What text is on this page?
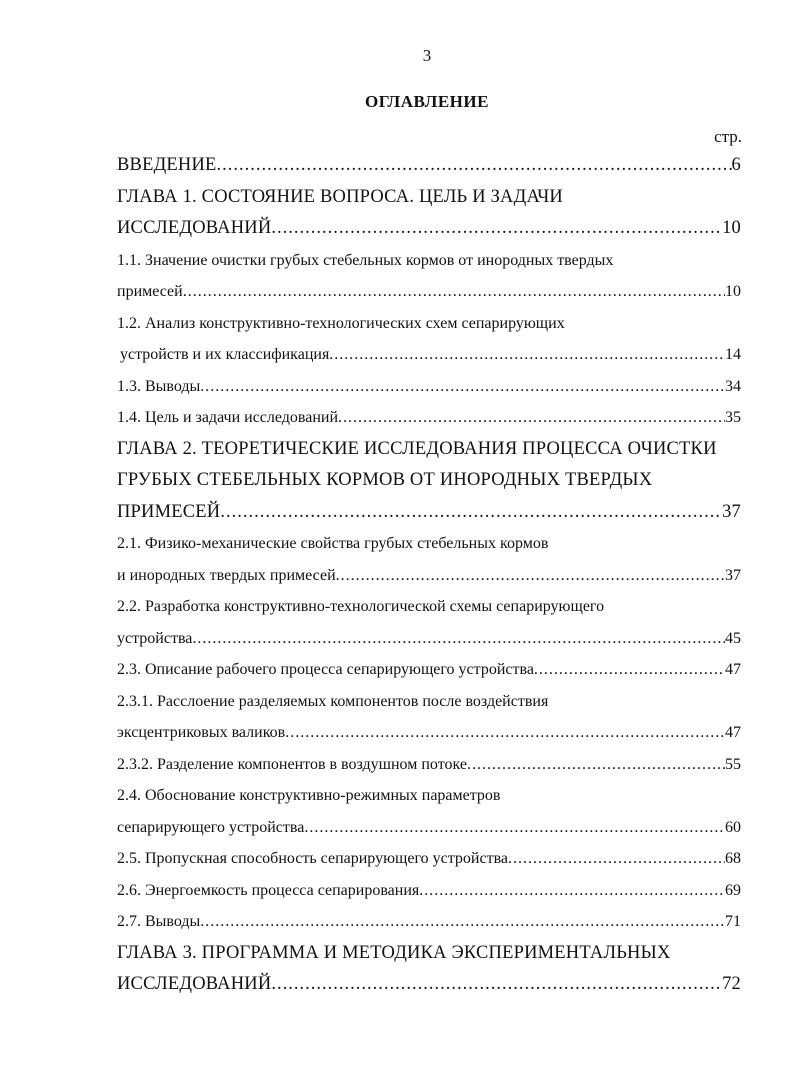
3
ОГЛАВЛЕНИЕ
стр.
ВВЕДЕНИЕ .....	6
ГЛАВА 1. СОСТОЯНИЕ ВОПРОСА. ЦЕЛЬ И ЗАДАЧИ
ИССЛЕДОВАНИЙ .....	10
1.1. Значение очистки грубых стебельных кормов от инородных твердых
примесей .....	10
1.2. Анализ конструктивно-технологических схем сепарирующих
устройств и их классификация .....	14
1.3. Выводы .....	34
1.4. Цель и задачи исследований .....	35
ГЛАВА 2. ТЕОРЕТИЧЕСКИЕ ИССЛЕДОВАНИЯ ПРОЦЕССА ОЧИСТКИ
ГРУБЫХ СТЕБЕЛЬНЫХ КОРМОВ ОТ ИНОРОДНЫХ ТВЕРДЫХ
ПРИМЕСЕЙ .....	37
2.1. Физико-механические свойства грубых стебельных кормов
и инородных твердых примесей .....	37
2.2. Разработка конструктивно-технологической схемы сепарирующего
устройства .....	45
2.3. Описание рабочего процесса сепарирующего устройства .....	47
2.3.1. Расслоение разделяемых компонентов после воздействия
эксцентриковых валиков .....	47
2.3.2. Разделение компонентов в воздушном потоке .....	55
2.4. Обоснование конструктивно-режимных параметров
сепарирующего устройства .....	60
2.5. Пропускная способность сепарирующего устройства .....	68
2.6. Энергоемкость процесса сепарирования .....	69
2.7. Выводы .....	71
ГЛАВА 3. ПРОГРАММА И МЕТОДИКА ЭКСПЕРИМЕНТАЛЬНЫХ
ИССЛЕДОВАНИЙ .....	72
